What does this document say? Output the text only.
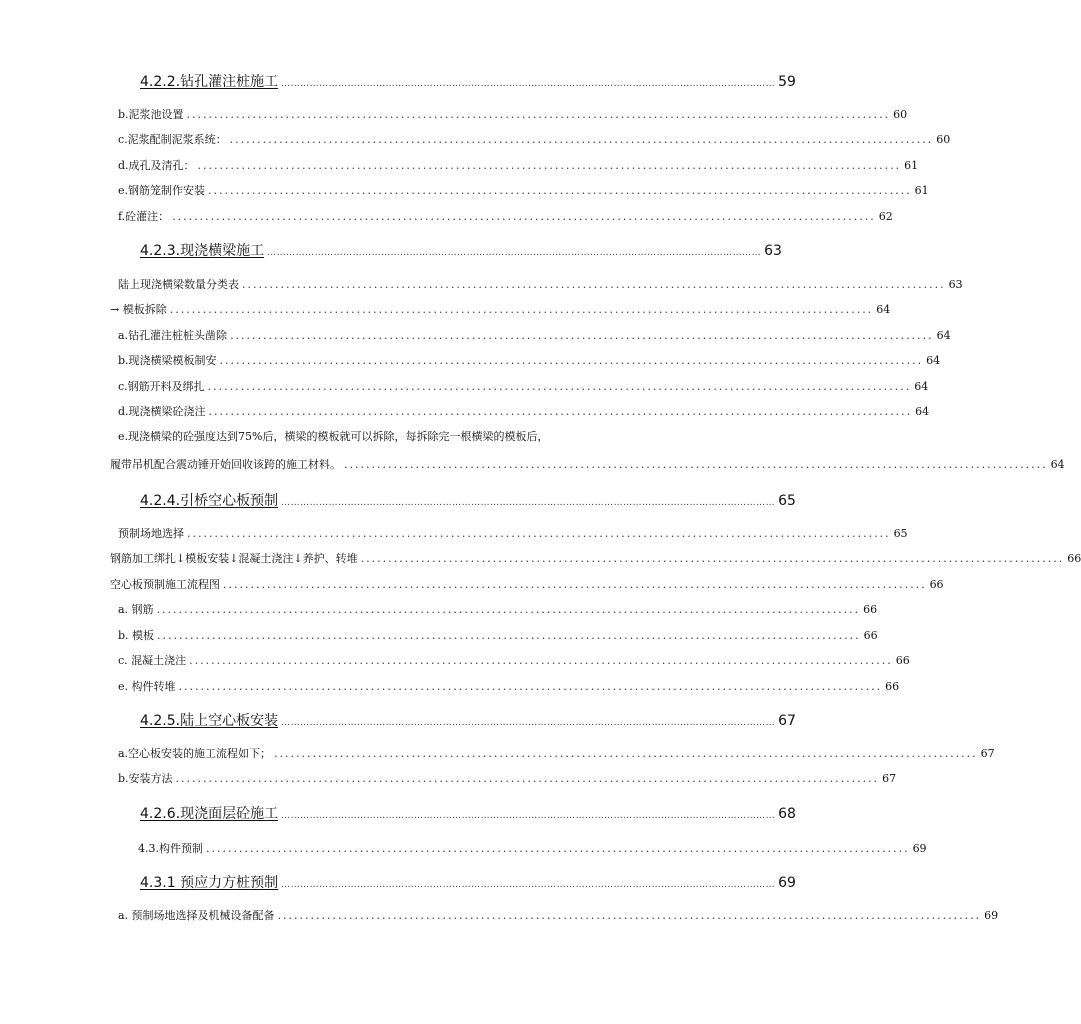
4.2.2.钻孔灌注桩施工 ………………………………………………………………………………………………………………………………………… 59
b.泥浆池设置 ................................................................................................................................ 60
c.泥浆配制泥浆系统： ................................................................................................................................ 60
d.成孔及清孔： ................................................................................................................................ 61
e.钢筋笼制作安装 ................................................................................................................................ 61
f.砼灌注： ................................................................................................................................ 62
4.2.3.现浇横梁施工 ………………………………………………………………………………………………………………………………………… 63
陆上现浇横梁数量分类表 ................................................................................................................................ 63
→ 模板拆除 ................................................................................................................................ 64
a.钻孔灌注桩桩头凿除 ................................................................................................................................ 64
b.现浇横梁模板制安 ................................................................................................................................ 64
c.钢筋开料及绑扎 ................................................................................................................................ 64
d.现浇横梁砼浇注 ................................................................................................................................ 64
e.现浇横梁的砼强度达到75%后，横梁的模板就可以拆除，每拆除完一根横梁的模板后，
履带吊机配合震动锤开始回收该跨的施工材料。 ................................................................................................................................ 64
4.2.4.引桥空心板预制 ………………………………………………………………………………………………………………………………………… 65
预制场地选择 ................................................................................................................................ 65
钢筋加工绑扎↓模板安装↓混凝土浇注↓养护、转堆 ................................................................................................................................ 66
空心板预制施工流程图 ................................................................................................................................ 66
a. 钢筋 ................................................................................................................................ 66
b. 模板 ................................................................................................................................ 66
c. 混凝土浇注 ................................................................................................................................ 66
e. 构件转堆 ................................................................................................................................ 66
4.2.5.陆上空心板安装 ………………………………………………………………………………………………………………………………………… 67
a.空心板安装的施工流程如下； ................................................................................................................................ 67
b.安装方法 ................................................................................................................................ 67
4.2.6.现浇面层砼施工 ………………………………………………………………………………………………………………………………………… 68
4.3.构件预制 ................................................................................................................................ 69
4.3.1 预应力方桩预制 ………………………………………………………………………………………………………………………………………… 69
a. 预制场地选择及机械设备配备 ................................................................................................................................ 69
